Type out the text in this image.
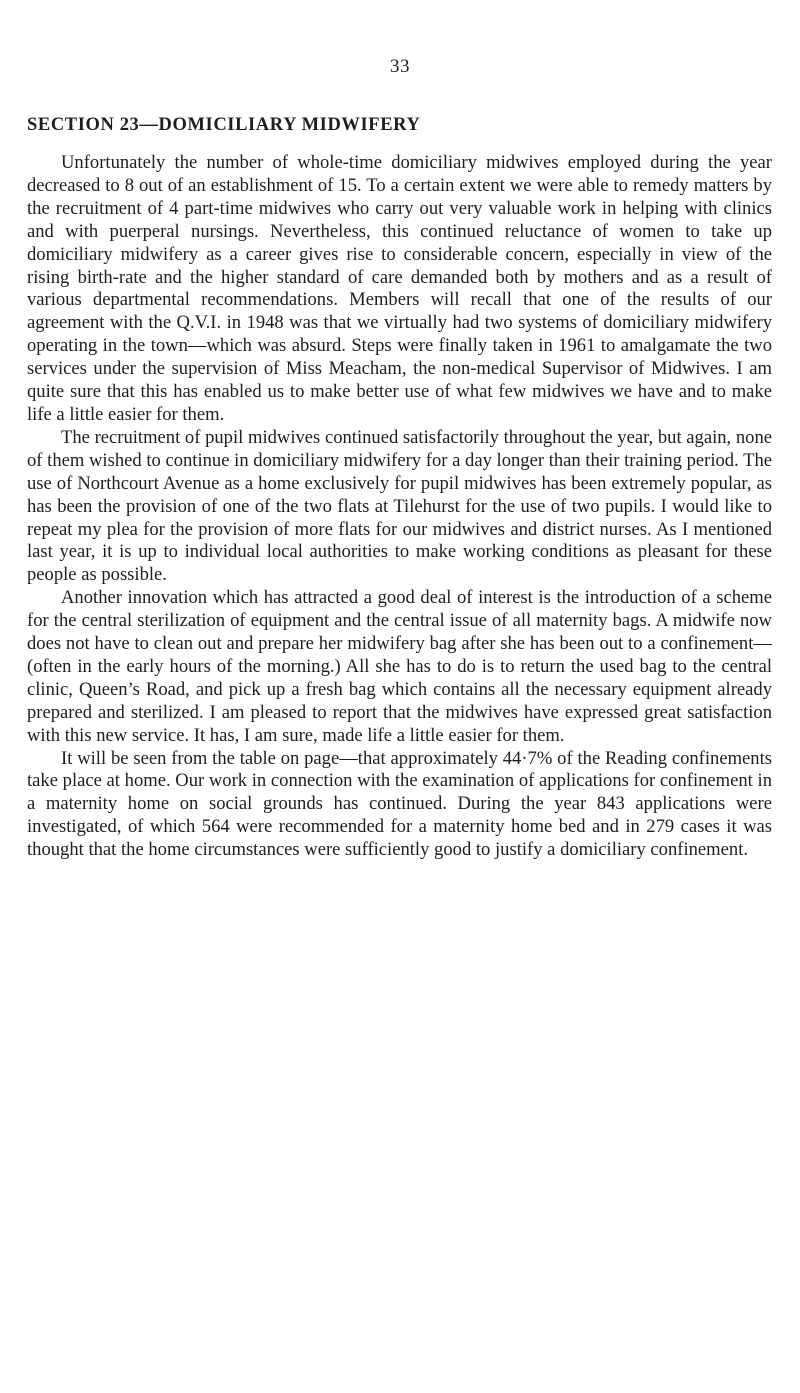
33
SECTION 23—DOMICILIARY MIDWIFERY

Unfortunately the number of whole-time domiciliary midwives employed during the year decreased to 8 out of an establishment of 15. To a certain extent we were able to remedy matters by the recruitment of 4 part-time midwives who carry out very valuable work in helping with clinics and with puerperal nursings. Nevertheless, this continued reluctance of women to take up domiciliary midwifery as a career gives rise to considerable concern, especially in view of the rising birth-rate and the higher standard of care demanded both by mothers and as a result of various departmental recommendations. Members will recall that one of the results of our agreement with the Q.V.I. in 1948 was that we virtually had two systems of domiciliary midwifery operating in the town—which was absurd. Steps were finally taken in 1961 to amalgamate the two services under the supervision of Miss Meacham, the non-medical Supervisor of Midwives. I am quite sure that this has enabled us to make better use of what few midwives we have and to make life a little easier for them.

The recruitment of pupil midwives continued satisfactorily throughout the year, but again, none of them wished to continue in domiciliary midwifery for a day longer than their training period. The use of Northcourt Avenue as a home exclusively for pupil midwives has been extremely popular, as has been the provision of one of the two flats at Tilehurst for the use of two pupils. I would like to repeat my plea for the provision of more flats for our midwives and district nurses. As I mentioned last year, it is up to individual local authorities to make working conditions as pleasant for these people as possible.

Another innovation which has attracted a good deal of interest is the introduction of a scheme for the central sterilization of equipment and the central issue of all maternity bags. A midwife now does not have to clean out and prepare her midwifery bag after she has been out to a confinement—(often in the early hours of the morning.) All she has to do is to return the used bag to the central clinic, Queen’s Road, and pick up a fresh bag which contains all the necessary equipment already prepared and sterilized. I am pleased to report that the midwives have expressed great satisfaction with this new service. It has, I am sure, made life a little easier for them.

It will be seen from the table on page—that approximately 44·7% of the Reading confinements take place at home. Our work in connection with the examination of applications for confinement in a maternity home on social grounds has continued. During the year 843 applications were investigated, of which 564 were recommended for a maternity home bed and in 279 cases it was thought that the home circumstances were sufficiently good to justify a domiciliary confinement.
